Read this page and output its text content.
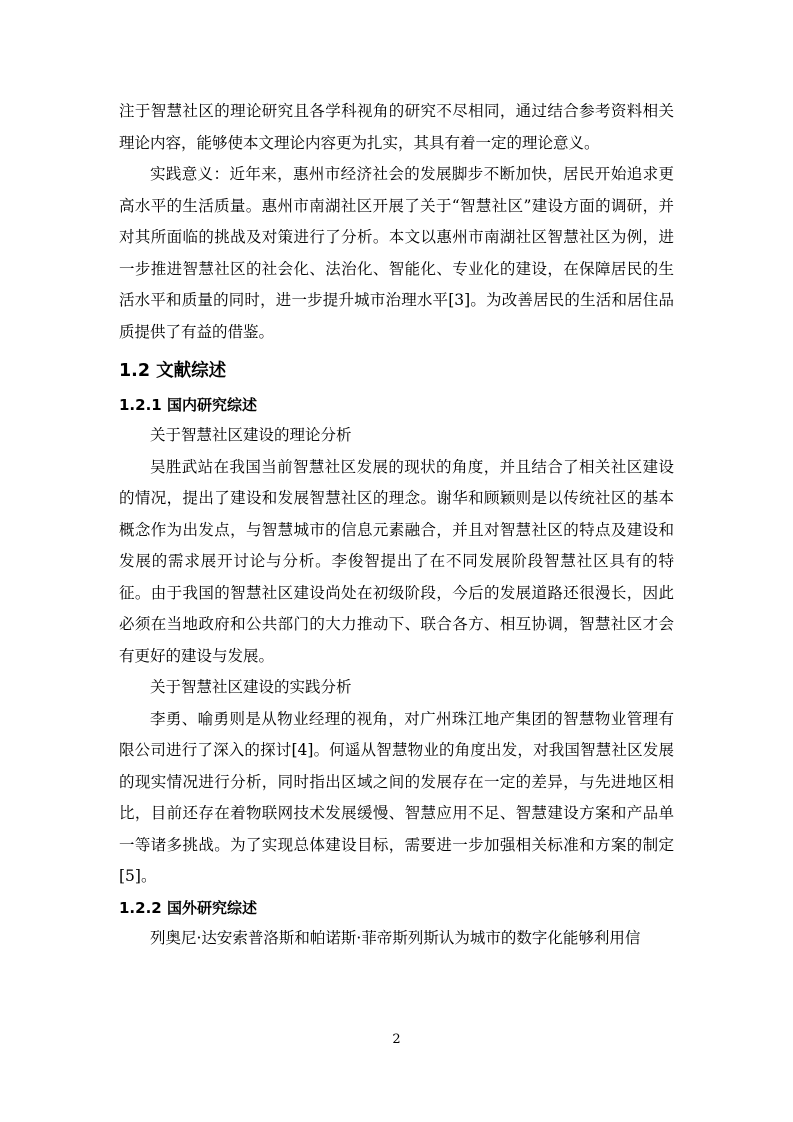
注于智慧社区的理论研究且各学科视角的研究不尽相同，通过结合参考资料相关理论内容，能够使本文理论内容更为扎实，其具有着一定的理论意义。

实践意义：近年来，惠州市经济社会的发展脚步不断加快，居民开始追求更高水平的生活质量。惠州市南湖社区开展了关于“智慧社区”建设方面的调研，并对其所面临的挑战及对策进行了分析。本文以惠州市南湖社区智慧社区为例，进一步推进智慧社区的社会化、法治化、智能化、专业化的建设，在保障居民的生活水平和质量的同时，进一步提升城市治理水平[3]。为改善居民的生活和居住品质提供了有益的借鉴。

1.2 文献综述
1.2.1 国内研究综述

关于智慧社区建设的理论分析

吴胜武站在我国当前智慧社区发展的现状的角度，并且结合了相关社区建设的情况，提出了建设和发展智慧社区的理念。谢华和顾颖则是以传统社区的基本概念作为出发点，与智慧城市的信息元素融合，并且对智慧社区的特点及建设和发展的需求展开讨论与分析。李俊智提出了在不同发展阶段智慧社区具有的特征。由于我国的智慧社区建设尚处在初级阶段，今后的发展道路还很漫长，因此必须在当地政府和公共部门的大力推动下、联合各方、相互协调，智慧社区才会有更好的建设与发展。

关于智慧社区建设的实践分析

李勇、喻勇则是从物业经理的视角，对广州珠江地产集团的智慧物业管理有限公司进行了深入的探讨[4]。何遥从智慧物业的角度出发，对我国智慧社区发展的现实情况进行分析，同时指出区域之间的发展存在一定的差异，与先进地区相比，目前还存在着物联网技术发展缓慢、智慧应用不足、智慧建设方案和产品单一等诸多挑战。为了实现总体建设目标，需要进一步加强相关标准和方案的制定[5]。

1.2.2 国外研究综述

列奥尼·达安索普洛斯和帕诺斯·菲帝斯列斯认为城市的数字化能够利用信

2
